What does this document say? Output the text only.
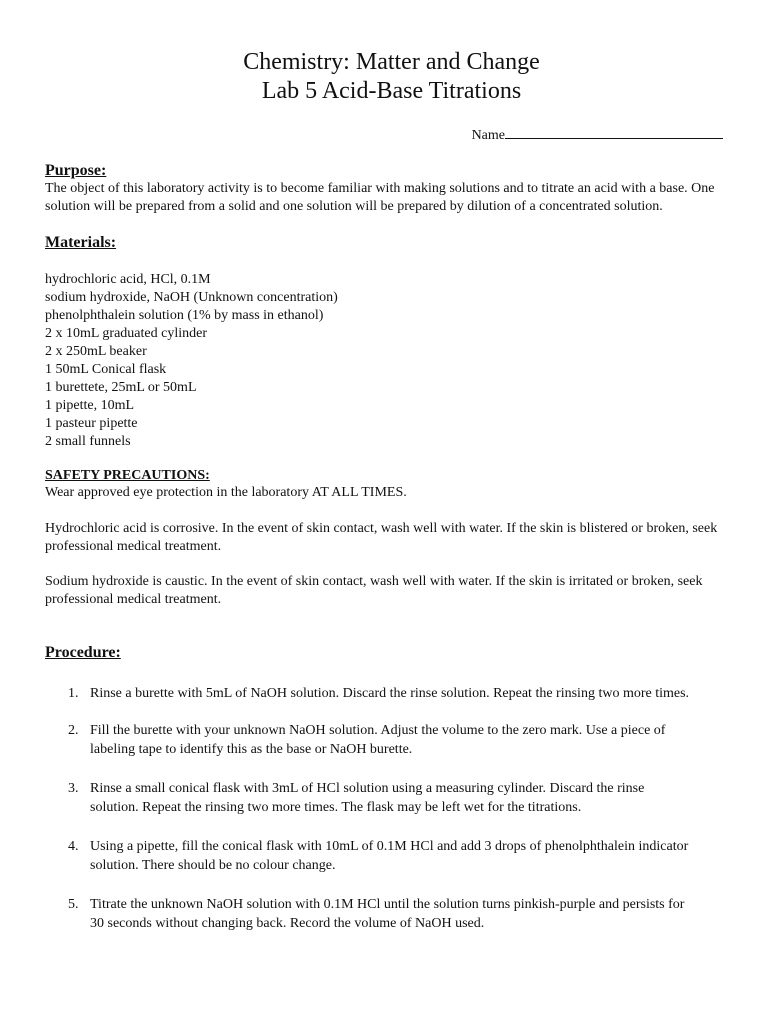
Chemistry: Matter and Change
Lab 5 Acid-Base Titrations
Name
Purpose:

The object of this laboratory activity is to become familiar with making solutions and to titrate an acid with a base. One solution will be prepared from a solid and one solution will be prepared by dilution of a concentrated solution.

Materials:
hydrochloric acid, HCl, 0.1M
sodium hydroxide, NaOH (Unknown concentration)
phenolphthalein solution (1% by mass in ethanol)
2 x 10mL graduated cylinder
2 x 250mL beaker
1 50mL Conical flask
1 burettete, 25mL or 50mL
1 pipette, 10mL
1 pasteur pipette
2 small funnels
SAFETY PRECAUTIONS:

Wear approved eye protection in the laboratory AT ALL TIMES.

Hydrochloric acid is corrosive. In the event of skin contact, wash well with water. If the skin is blistered or broken, seek professional medical treatment.

Sodium hydroxide is caustic. In the event of skin contact, wash well with water. If the skin is irritated or broken, seek professional medical treatment.

Procedure:
1. Rinse a burette with 5mL of NaOH solution. Discard the rinse solution. Repeat the rinsing two more times.
2. Fill the burette with your unknown NaOH solution. Adjust the volume to the zero mark. Use a piece of labeling tape to identify this as the base or NaOH burette.
3. Rinse a small conical flask with 3mL of HCl solution using a measuring cylinder. Discard the rinse solution. Repeat the rinsing two more times. The flask may be left wet for the titrations.
4. Using a pipette, fill the conical flask with 10mL of 0.1M HCl and add 3 drops of phenolphthalein indicator solution. There should be no colour change.
5. Titrate the unknown NaOH solution with 0.1M HCl until the solution turns pinkish-purple and persists for 30 seconds without changing back. Record the volume of NaOH used.
